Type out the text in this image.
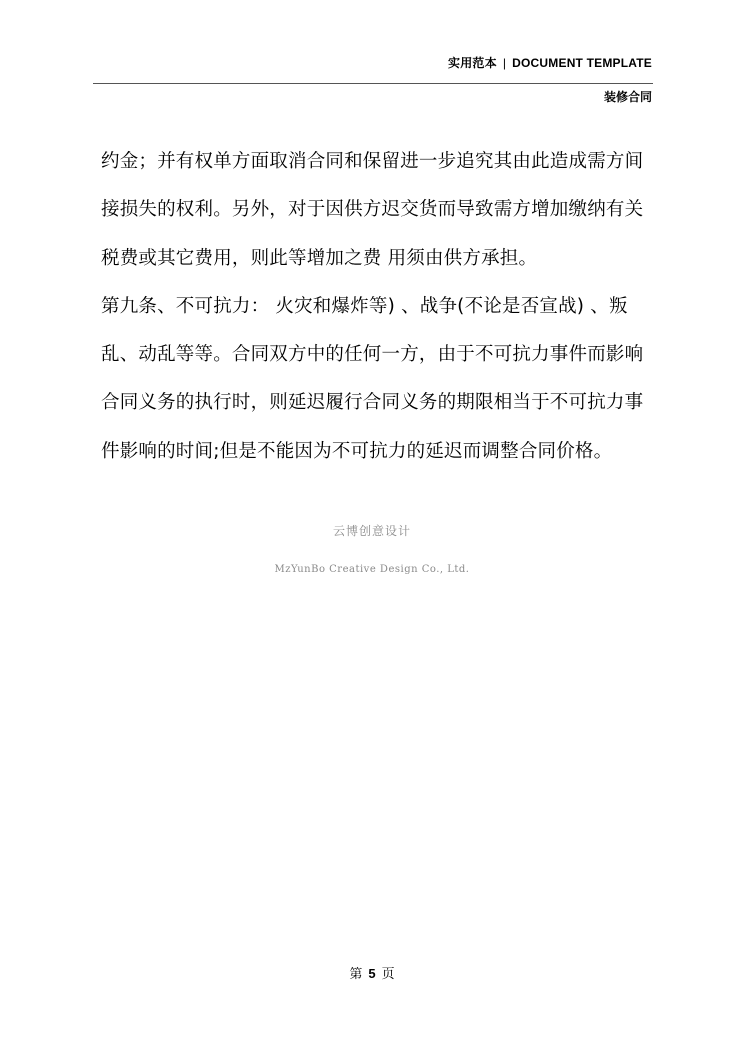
实用范本 | DOCUMENT TEMPLATE
装修合同
约金；并有权单方面取消合同和保留进一步追究其由此造成需方间
接损失的权利。另外，对于因供方迟交货而导致需方增加缴纳有关
税费或其它费用，则此等增加之费 用须由供方承担。
第九条、不可抗力： 火灾和爆炸等) 、战争(不论是否宣战) 、叛
乱、动乱等等。合同双方中的任何一方，由于不可抗力事件而影响
合同义务的执行时，则延迟履行合同义务的期限相当于不可抗力事
件影响的时间;但是不能因为不可抗力的延迟而调整合同价格。
云博创意设计
MzYunBo Creative Design Co., Ltd.
第 5 页
